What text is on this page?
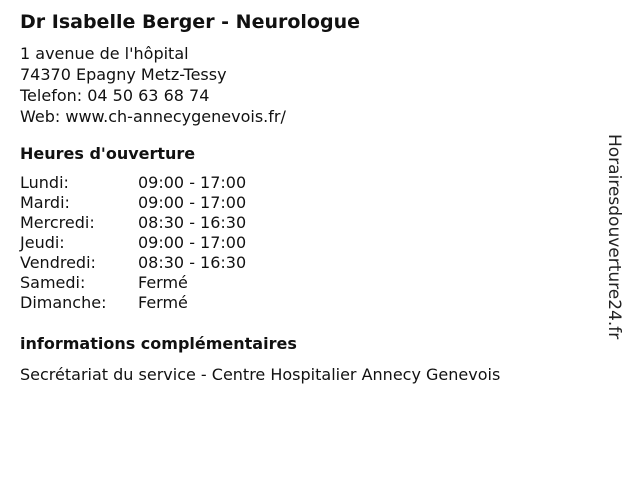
Dr Isabelle Berger - Neurologue
1 avenue de l'hôpital
74370 Epagny Metz-Tessy
Telefon: 04 50 63 68 74
Web: www.ch-annecygenevois.fr/
Heures d'ouverture
Lundi:	09:00 - 17:00
Mardi:	09:00 - 17:00
Mercredi:	08:30 - 16:30
Jeudi:	09:00 - 17:00
Vendredi:	08:30 - 16:30
Samedi:	Fermé
Dimanche: Fermé
informations complémentaires
Secrétariat du service - Centre Hospitalier Annecy Genevois
Horairesdouverture24.fr
